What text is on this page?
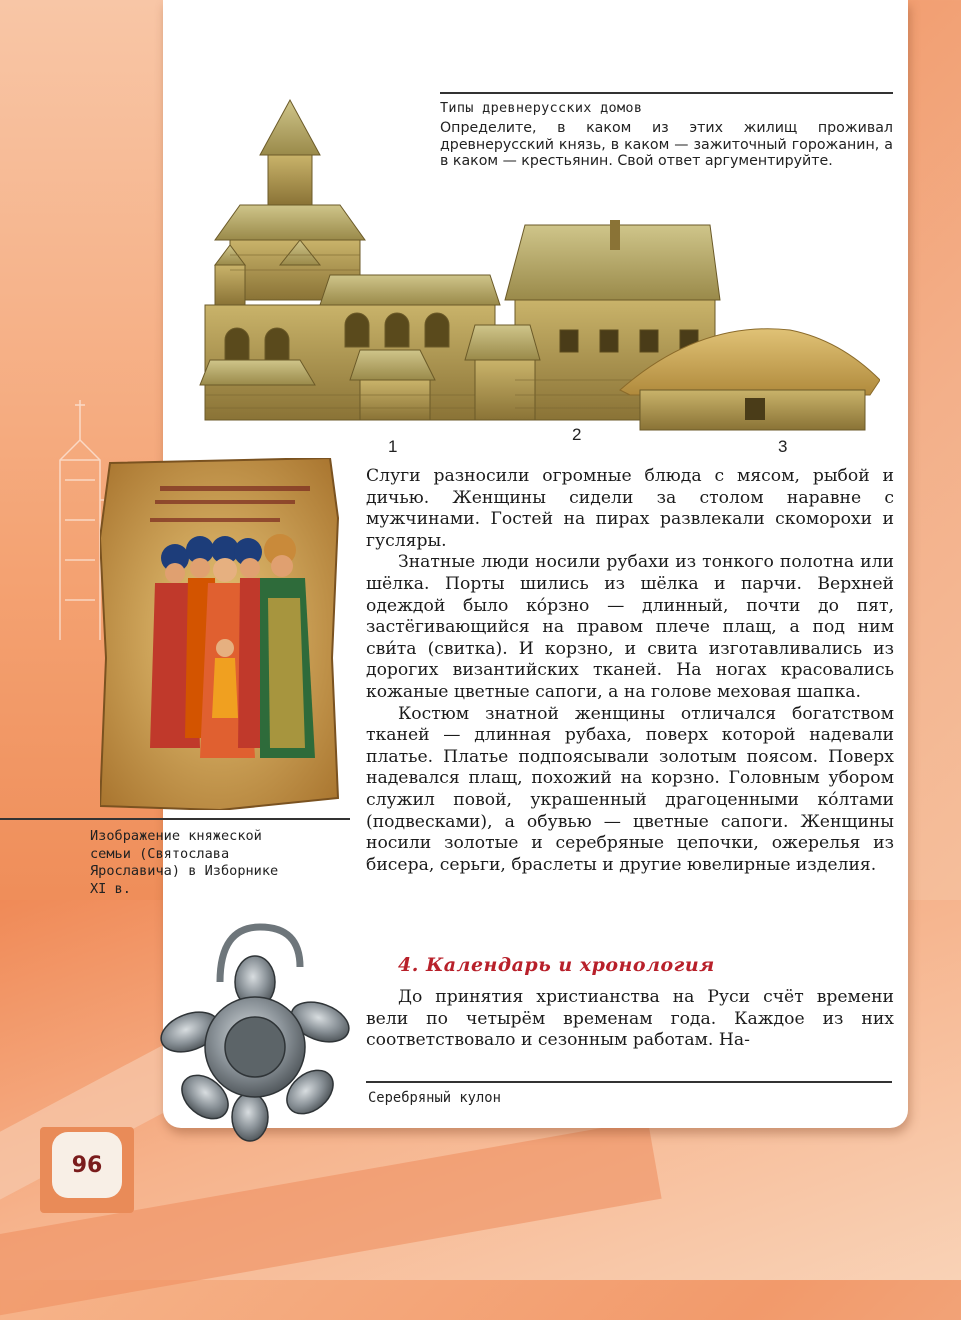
Типы древнерусских домов
Определите, в каком из этих жилищ проживал древнерусский князь, в каком — зажиточный горожанин, а в каком — крестьянин. Свой ответ аргументируйте.
1
2
3
Изображение княжеской
семьи (Святослава
Ярославича) в Изборнике
XI в.

Слуги разносили огромные блюда с мясом, рыбой и дичью. Женщины сидели за столом наравне с мужчинами. Гостей на пирах развлекали скоморохи и гусляры.

Знатные люди носили рубахи из тонкого полотна или шёлка. Порты шились из шёлка и парчи. Верхней одеждой было ко́рзно — длинный, почти до пят, застёгивающийся на правом плече плащ, а под ним сви́та (свитка). И корзно, и свита изготавливались из дорогих византийских тканей. На ногах красовались кожаные цветные сапоги, а на голове меховая шапка.

Костюм знатной женщины отличался богатством тканей — длинная рубаха, поверх которой надевали платье. Платье подпоясывали золотым поясом. Поверх надевался плащ, похожий на корзно. Головным убором служил повой, украшенный драгоценными ко́лтами (подвесками), а обувью — цветные сапоги. Женщины носили золотые и серебряные цепочки, ожерелья из бисера, серьги, браслеты и другие ювелирные изделия.

4. Календарь и хронология

До принятия христианства на Руси счёт времени вели по четырём временам года. Каждое из них соответствовало и сезонным работам. На-

Серебряный кулон
96
